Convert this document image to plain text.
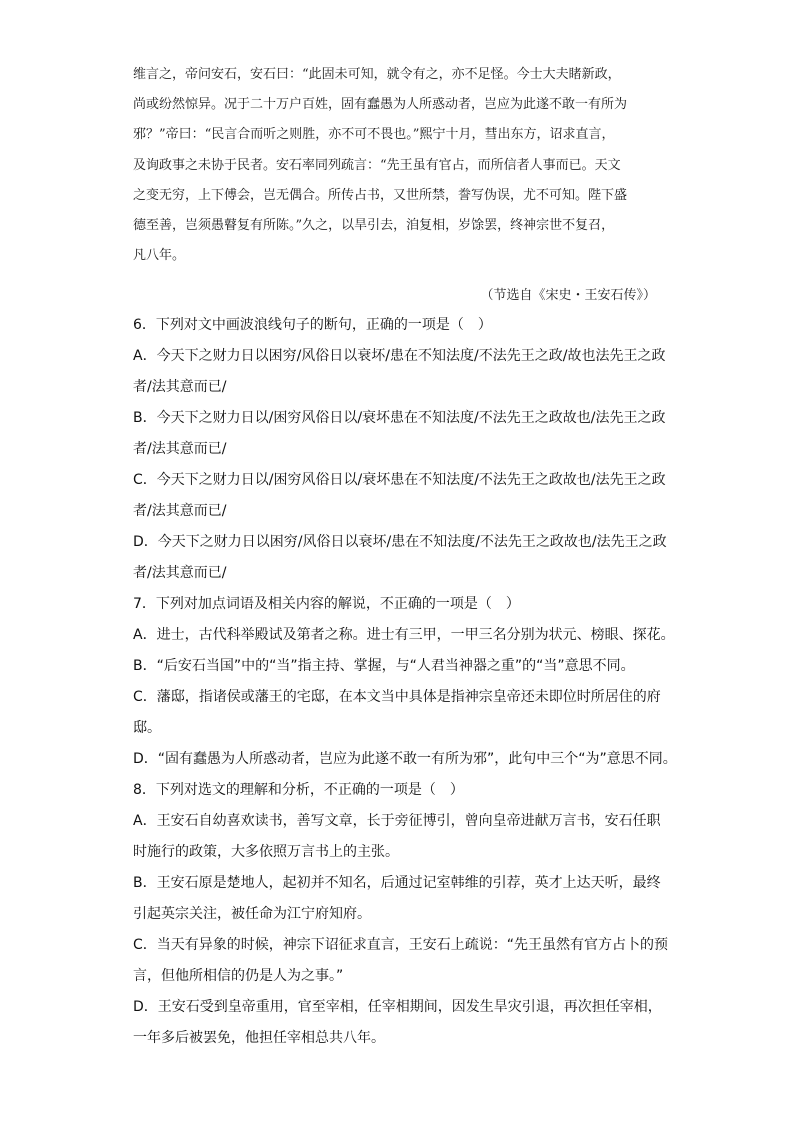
维言之，帝问安石，安石曰：“此固未可知，就令有之，亦不足怪。今士大夫睹新政，
尚或纷然惊异。况于二十万户百姓，固有蠢愚为人所惑动者，岂应为此遂不敢一有所为
邪？”帝曰：“民言合而听之则胜，亦不可不畏也。”熙宁十月，彗出东方，诏求直言，
及询政事之未协于民者。安石率同列疏言：“先王虽有官占，而所信者人事而已。天文
之变无穷，上下傅会，岂无偶合。所传占书，又世所禁，誊写伪误，尤不可知。陛下盛
德至善，岂须愚瞽复有所陈。”久之，以旱引去，洎复相，岁馀罢，终神宗世不复召，
凡八年。
（节选自《宋史・王安石传》）
6．下列对文中画波浪线句子的断句，正确的一项是（　）
A．今天下之财力日以困穷/风俗日以衰坏/患在不知法度/不法先王之政/故也法先王之政
者/法其意而已/
B．今天下之财力日以/困穷风俗日以/衰坏患在不知法度/不法先王之政故也/法先王之政
者/法其意而已/
C．今天下之财力日以/困穷风俗日以/衰坏患在不知法度/不法先王之政故也/法先王之政
者/法其意而已/
D．今天下之财力日以困穷/风俗日以衰坏/患在不知法度/不法先王之政故也/法先王之政
者/法其意而已/
7．下列对加点词语及相关内容的解说，不正确的一项是（　）
A．进士，古代科举殿试及第者之称。进士有三甲，一甲三名分别为状元、榜眼、探花。
B．“后安石当国”中的“当”指主持、掌握，与“人君当神器之重”的“当”意思不同。
C．藩邸，指诸侯或藩王的宅邸，在本文当中具体是指神宗皇帝还未即位时所居住的府
邸。
D．“固有蠢愚为人所惑动者，岂应为此遂不敢一有所为邪”，此句中三个“为”意思不同。
8．下列对选文的理解和分析，不正确的一项是（　）
A．王安石自幼喜欢读书，善写文章，长于旁征博引，曾向皇帝进献万言书，安石任职
时施行的政策，大多依照万言书上的主张。
B．王安石原是楚地人，起初并不知名，后通过记室韩维的引荐，英才上达天听，最终
引起英宗关注，被任命为江宁府知府。
C．当天有异象的时候，神宗下诏征求直言，王安石上疏说：“先王虽然有官方占卜的预
言，但他所相信的仍是人为之事。”
D．王安石受到皇帝重用，官至宰相，任宰相期间，因发生旱灾引退，再次担任宰相，
一年多后被罢免，他担任宰相总共八年。
